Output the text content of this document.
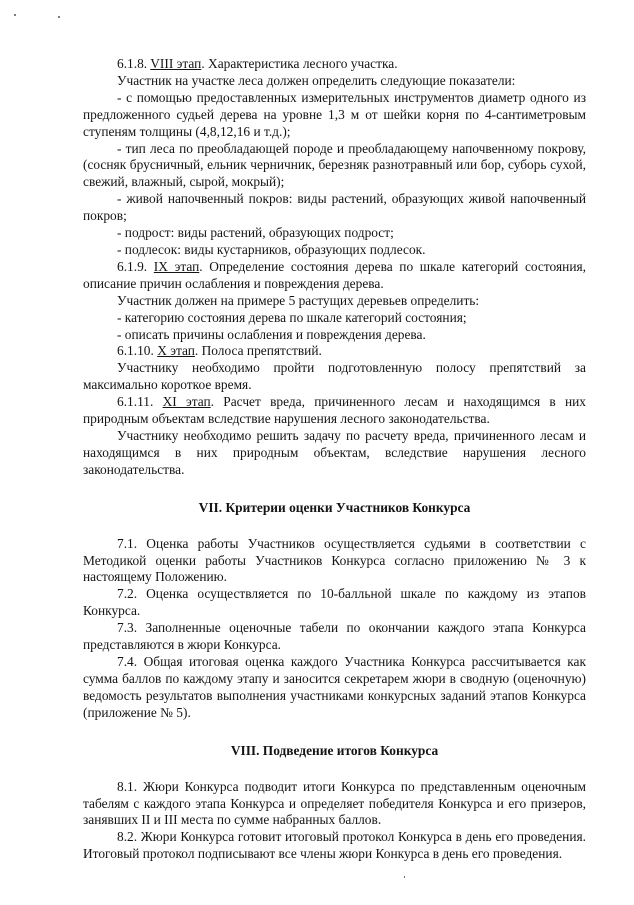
6.1.8. VIII этап. Характеристика лесного участка.

Участник на участке леса должен определить следующие показатели:

- с помощью предоставленных измерительных инструментов диаметр одного из предложенного судьей дерева на уровне 1,3 м от шейки корня по 4-сантиметровым ступеням толщины (4,8,12,16 и т.д.);

- тип леса по преобладающей породе и преобладающему напочвенному покрову, (сосняк брусничный, ельник черничник, березняк разнотравный или бор, суборь сухой, свежий, влажный, сырой, мокрый);

- живой напочвенный покров: виды растений, образующих живой напочвенный покров;

- подрост: виды растений, образующих подрост;

- подлесок: виды кустарников, образующих подлесок.

6.1.9. IX этап. Определение состояния дерева по шкале категорий состояния, описание причин ослабления и повреждения дерева.

Участник должен на примере 5 растущих деревьев определить:

- категорию состояния дерева по шкале категорий состояния;

- описать причины ослабления и повреждения дерева.

6.1.10. X этап. Полоса препятствий.

Участнику необходимо пройти подготовленную полосу препятствий за максимально короткое время.

6.1.11. XI этап. Расчет вреда, причиненного лесам и находящимся в них природным объектам вследствие нарушения лесного законодательства.

Участнику необходимо решить задачу по расчету вреда, причиненного лесам и находящимся в них природным объектам, вследствие нарушения лесного законодательства.

VII. Критерии оценки Участников Конкурса

7.1. Оценка работы Участников осуществляется судьями в соответствии с Методикой оценки работы Участников Конкурса согласно приложению № 3 к настоящему Положению.

7.2. Оценка осуществляется по 10-балльной шкале по каждому из этапов Конкурса.

7.3. Заполненные оценочные табели по окончании каждого этапа Конкурса представляются в жюри Конкурса.

7.4. Общая итоговая оценка каждого Участника Конкурса рассчитывается как сумма баллов по каждому этапу и заносится секретарем жюри в сводную (оценочную) ведомость результатов выполнения участниками конкурсных заданий этапов Конкурса (приложение № 5).

VIII. Подведение итогов Конкурса

8.1. Жюри Конкурса подводит итоги Конкурса по представленным оценочным табелям с каждого этапа Конкурса и определяет победителя Конкурса и его призеров, занявших II и III места по сумме набранных баллов.

8.2. Жюри Конкурса готовит итоговый протокол Конкурса в день его проведения. Итоговый протокол подписывают все члены жюри Конкурса в день его проведения.
